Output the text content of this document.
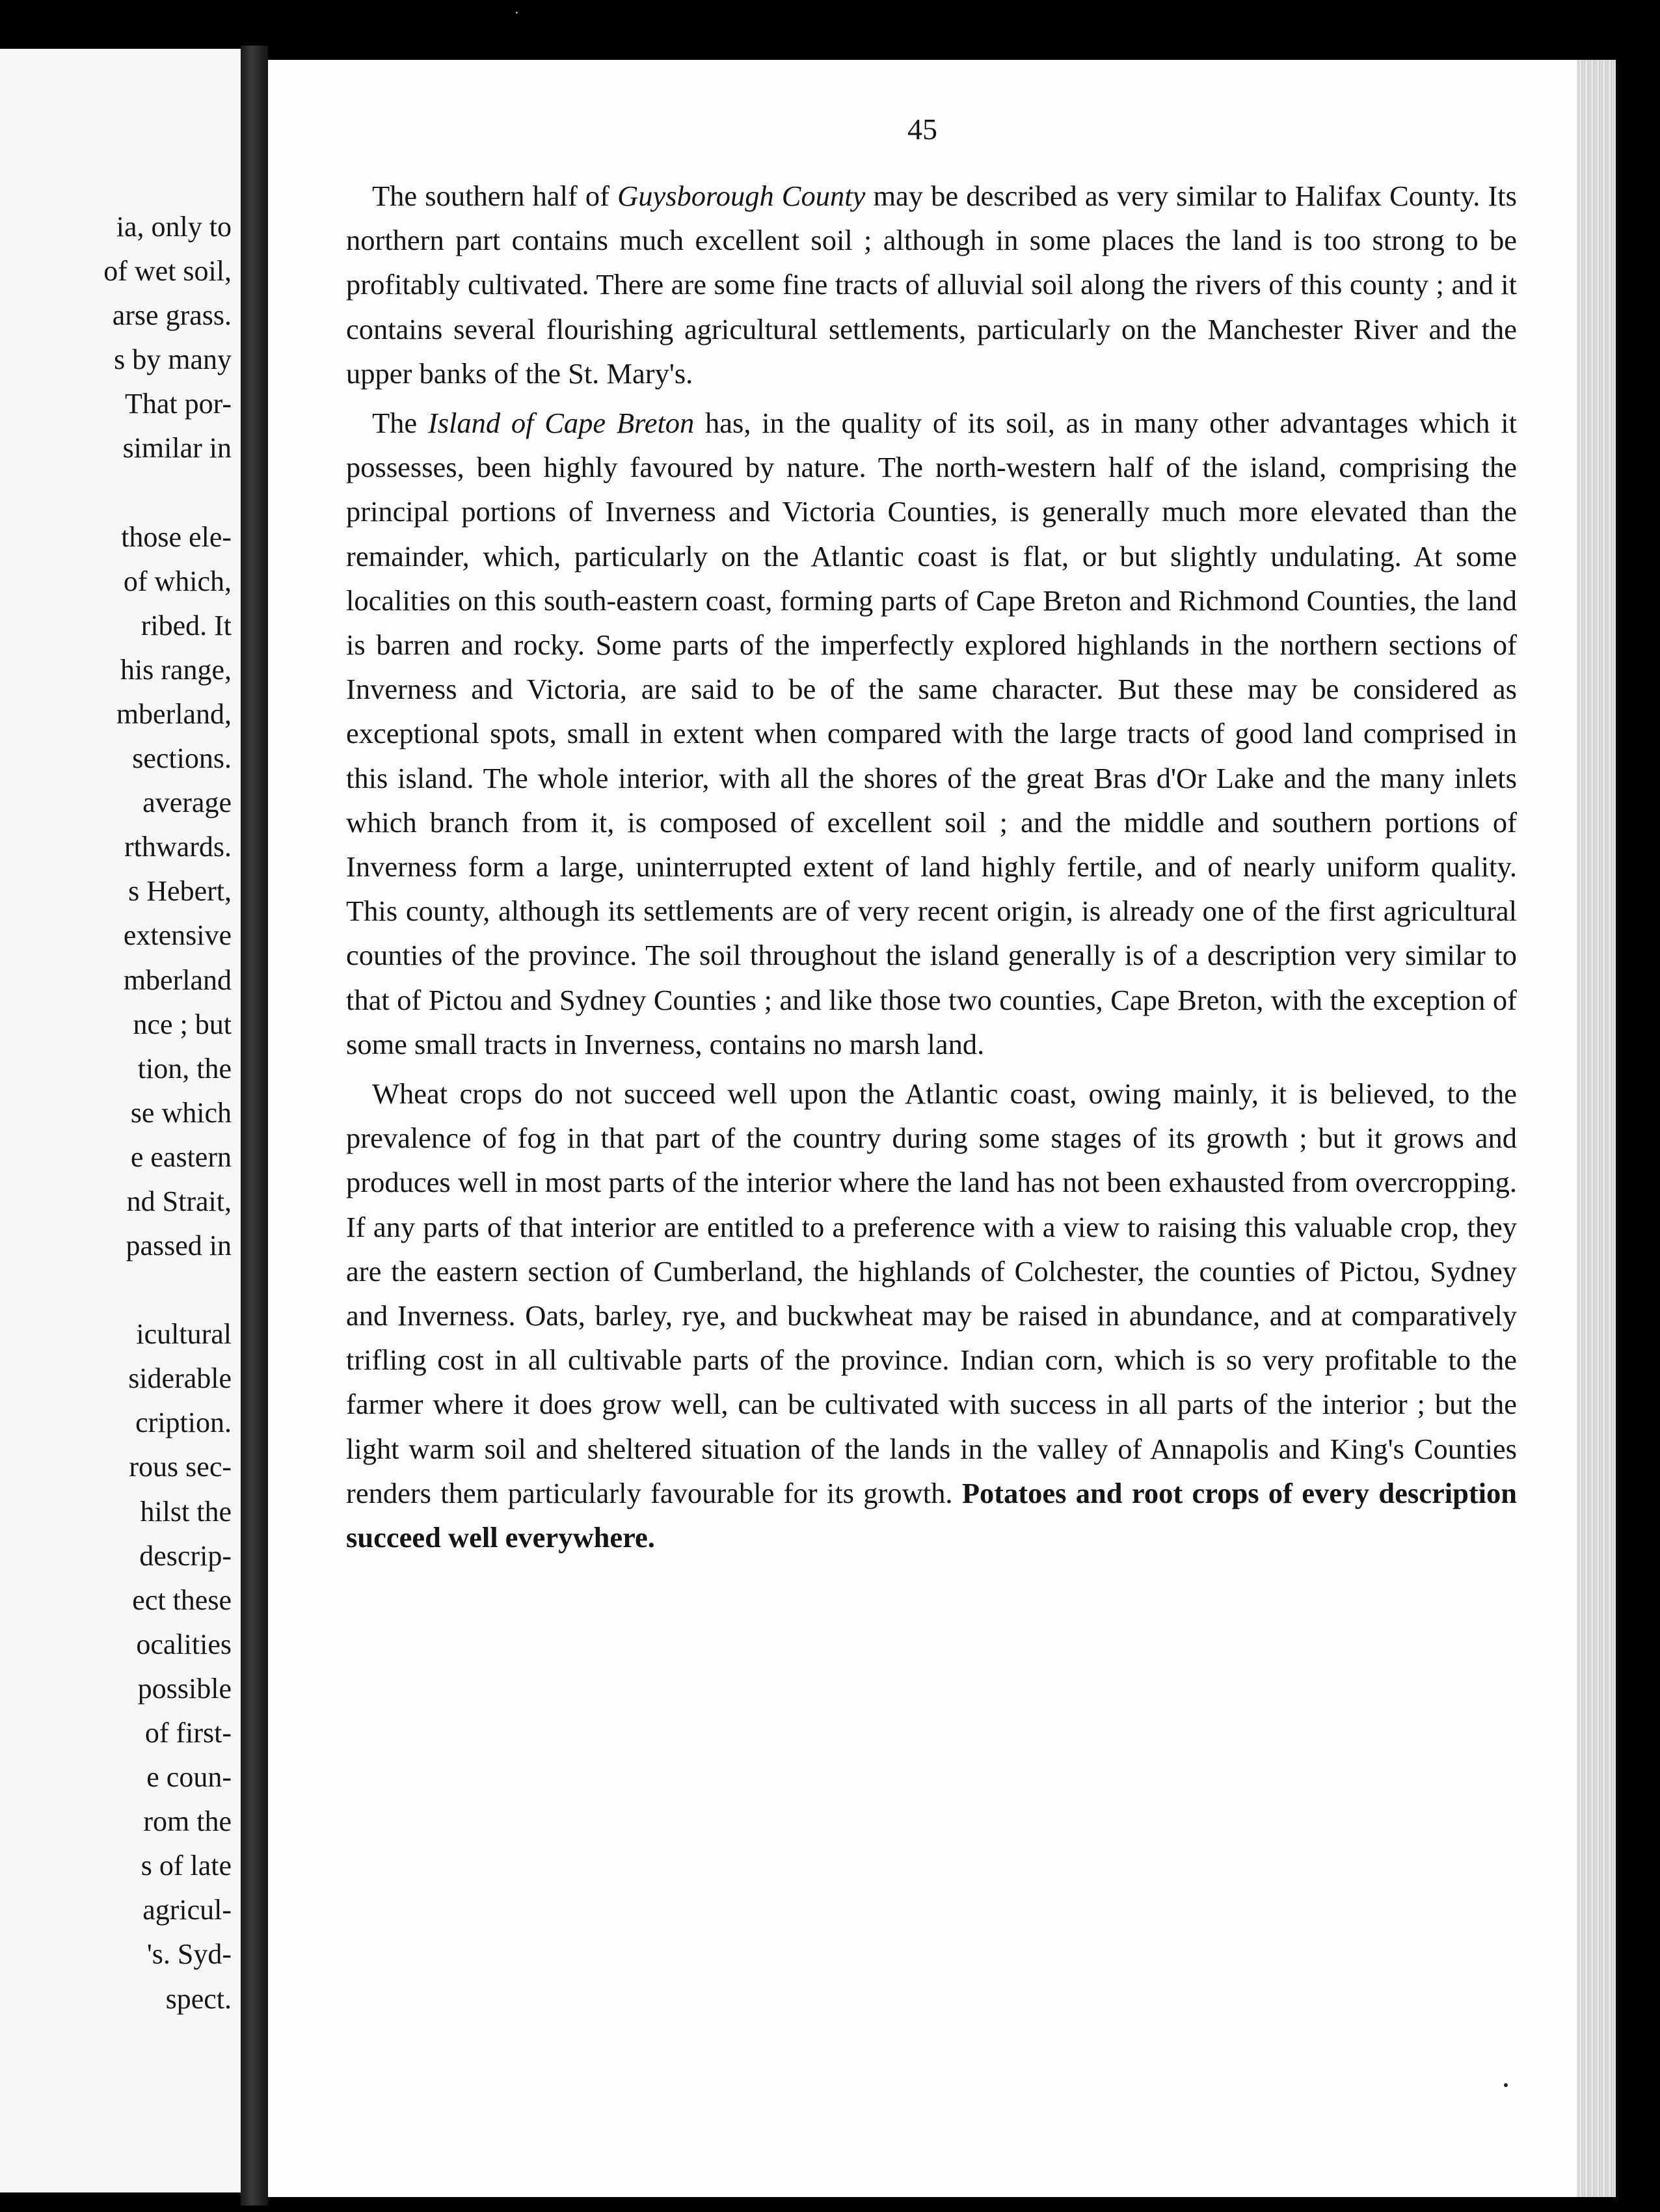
·
ia, only to
of wet soil,
arse grass.
s by many
That por-
similar in
those ele-
of which,
ribed. It
his range,
mberland,
sections.
average
rthwards.
s Hebert,
extensive
mberland
nce ; but
tion, the
se which
e eastern
nd Strait,
passed in
icultural
siderable
cription.
rous sec-
hilst the
descrip-
ect these
ocalities
possible
of first-
e coun-
rom the
s of late
agricul-
's. Syd-
spect.

45

The southern half of Guysborough County may be described as very similar to Halifax County. Its northern part contains much excellent soil ; although in some places the land is too strong to be profitably cultivated. There are some fine tracts of alluvial soil along the rivers of this county ; and it contains several flourishing agricultural settlements, particularly on the Manchester River and the upper banks of the St. Mary's.

The Island of Cape Breton has, in the quality of its soil, as in many other advantages which it possesses, been highly favoured by nature. The north-western half of the island, comprising the principal portions of Inverness and Victoria Counties, is generally much more elevated than the remainder, which, particularly on the Atlantic coast is flat, or but slightly undulating. At some localities on this south-eastern coast, forming parts of Cape Breton and Richmond Counties, the land is barren and rocky. Some parts of the imperfectly explored highlands in the northern sections of Inverness and Victoria, are said to be of the same character. But these may be considered as exceptional spots, small in extent when compared with the large tracts of good land comprised in this island. The whole interior, with all the shores of the great Bras d'Or Lake and the many inlets which branch from it, is composed of excellent soil ; and the middle and southern portions of Inverness form a large, uninterrupted extent of land highly fertile, and of nearly uniform quality. This county, although its settlements are of very recent origin, is already one of the first agricultural counties of the province. The soil throughout the island generally is of a description very similar to that of Pictou and Sydney Counties ; and like those two counties, Cape Breton, with the exception of some small tracts in Inverness, contains no marsh land.

Wheat crops do not succeed well upon the Atlantic coast, owing mainly, it is believed, to the prevalence of fog in that part of the country during some stages of its growth ; but it grows and produces well in most parts of the interior where the land has not been exhausted from overcropping. If any parts of that interior are entitled to a preference with a view to raising this valuable crop, they are the eastern section of Cumberland, the highlands of Colchester, the counties of Pictou, Sydney and Inverness. Oats, barley, rye, and buckwheat may be raised in abundance, and at comparatively trifling cost in all cultivable parts of the province. Indian corn, which is so very profitable to the farmer where it does grow well, can be cultivated with success in all parts of the interior ; but the light warm soil and sheltered situation of the lands in the valley of Annapolis and King's Counties renders them particularly favourable for its growth. Potatoes and root crops of every description succeed well everywhere.
